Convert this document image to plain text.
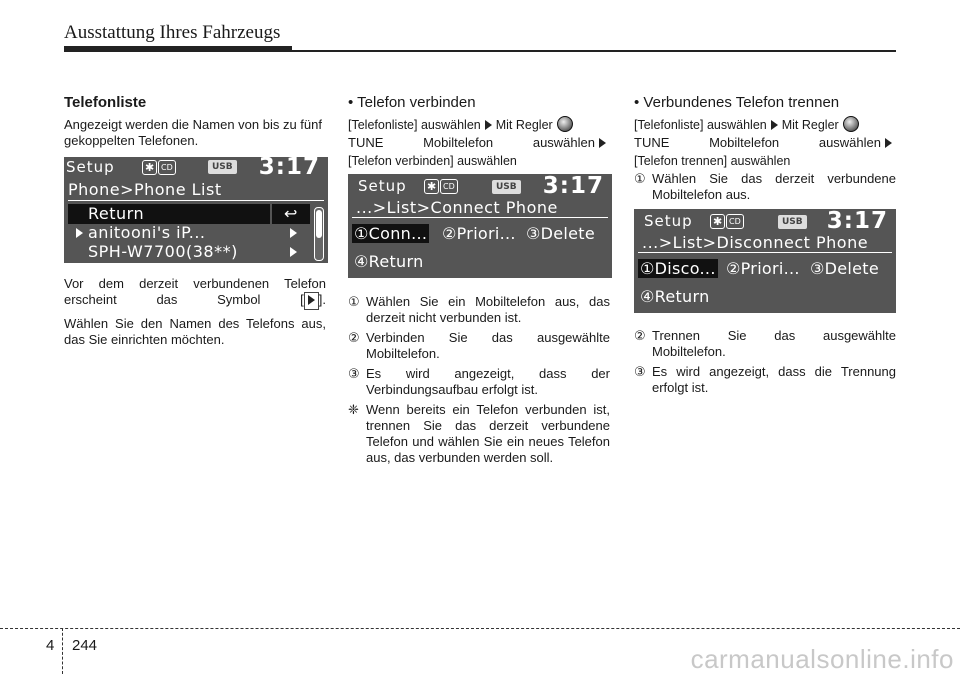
Ausstattung Ihres Fahrzeugs
Telefonliste
Angezeigt werden die Namen von bis zu fünf gekoppelten Telefonen.
Setup	✱ CD	USB 3:17
Phone>Phone List
Return	↩
anitooni's iP...
SPH-W7700(38**)
Vor dem derzeit verbundenen Telefon erscheint das Symbol [ ].
Wählen Sie den Namen des Telefons aus, das Sie einrichten möchten.
• Telefon verbinden
[Telefonliste] auswählen Mit Regler
TUNE Mobiltelefon auswählen
[Telefon verbinden] auswählen
Setup ✱ CD	USB 3:17
...>List>Connect Phone
①Conn... ②Priori... ③Delete
④Return
① Wählen Sie ein Mobiltelefon aus, das derzeit nicht verbunden ist.
② Verbinden Sie das ausgewählte Mobiltelefon.
③ Es wird angezeigt, dass der Verbindungsaufbau erfolgt ist.
❈ Wenn bereits ein Telefon verbunden ist, trennen Sie das derzeit verbundene Telefon und wählen Sie ein neues Telefon aus, das verbunden werden soll.
• Verbundenes Telefon trennen
[Telefonliste] auswählen Mit Regler
TUNE Mobiltelefon auswählen
[Telefon trennen] auswählen
① Wählen Sie das derzeit verbundene Mobiltelefon aus.
Setup ✱ CD	USB 3:17
...>List>Disconnect Phone
①Disco... ②Priori... ③Delete
④Return
② Trennen Sie das ausgewählte Mobiltelefon.
③ Es wird angezeigt, dass die Trennung erfolgt ist.
4 244	carmanualsonline.info
